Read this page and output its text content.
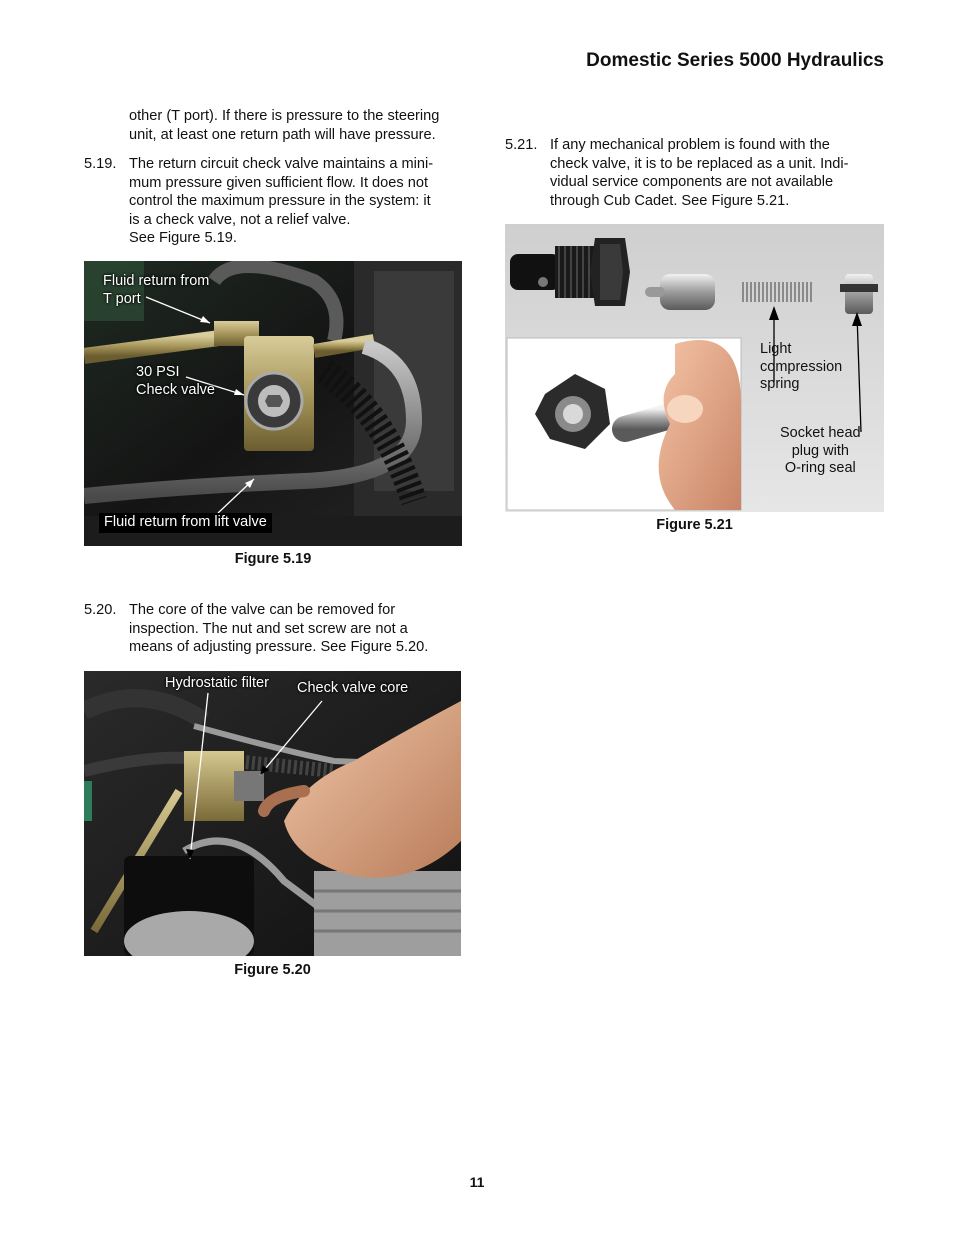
Domestic Series 5000 Hydraulics
other (T port). If there is pressure to the steering
unit, at least one return path will have pressure.
5.19. The return circuit check valve maintains a mini-
mum pressure given sufficient flow. It does not
control the maximum pressure in the system: it
is a check valve, not a relief valve.
See Figure 5.19.
Fluid return from
T port
30 PSI
Check valve
Fluid return from lift valve
Figure 5.19
5.20. The core of the valve can be removed for
inspection. The nut and set screw are not a
means of adjusting pressure. See Figure 5.20.
Hydrostatic filter Check valve core
Figure 5.20
5.21. If any mechanical problem is found with the
check valve, it is to be replaced as a unit. Indi-
vidual service components are not available
through Cub Cadet. See Figure 5.21.
Light
compression
spring
Socket head
plug with
O-ring seal
Figure 5.21
11
